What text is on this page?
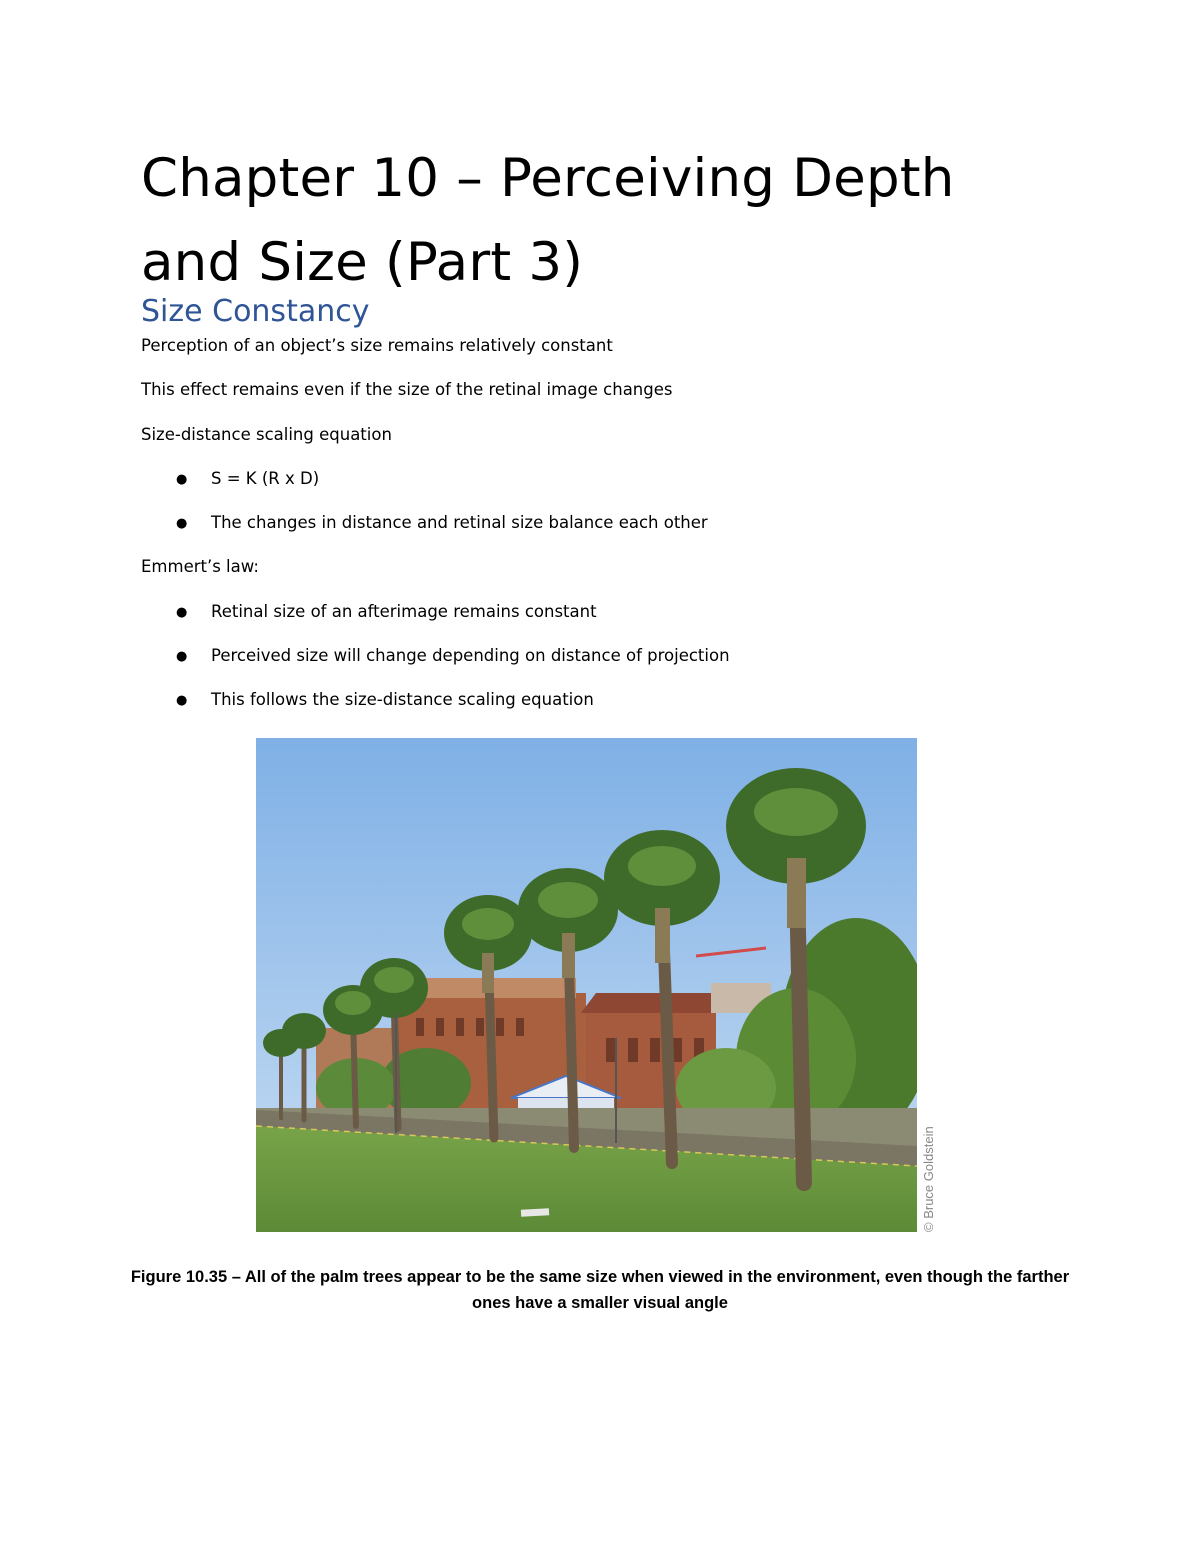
Chapter 10 – Perceiving Depth and Size (Part 3)
Size Constancy

Perception of an object’s size remains relatively constant

This effect remains even if the size of the retinal image changes

Size-distance scaling equation

● S = K (R x D)
● The changes in distance and retinal size balance each other

Emmert’s law:

● Retinal size of an afterimage remains constant
● Perceived size will change depending on distance of projection
● This follows the size-distance scaling equation
© Bruce Goldstein

Figure 10.35 – All of the palm trees appear to be the same size when viewed in the environment, even though the farther ones have a smaller visual angle
